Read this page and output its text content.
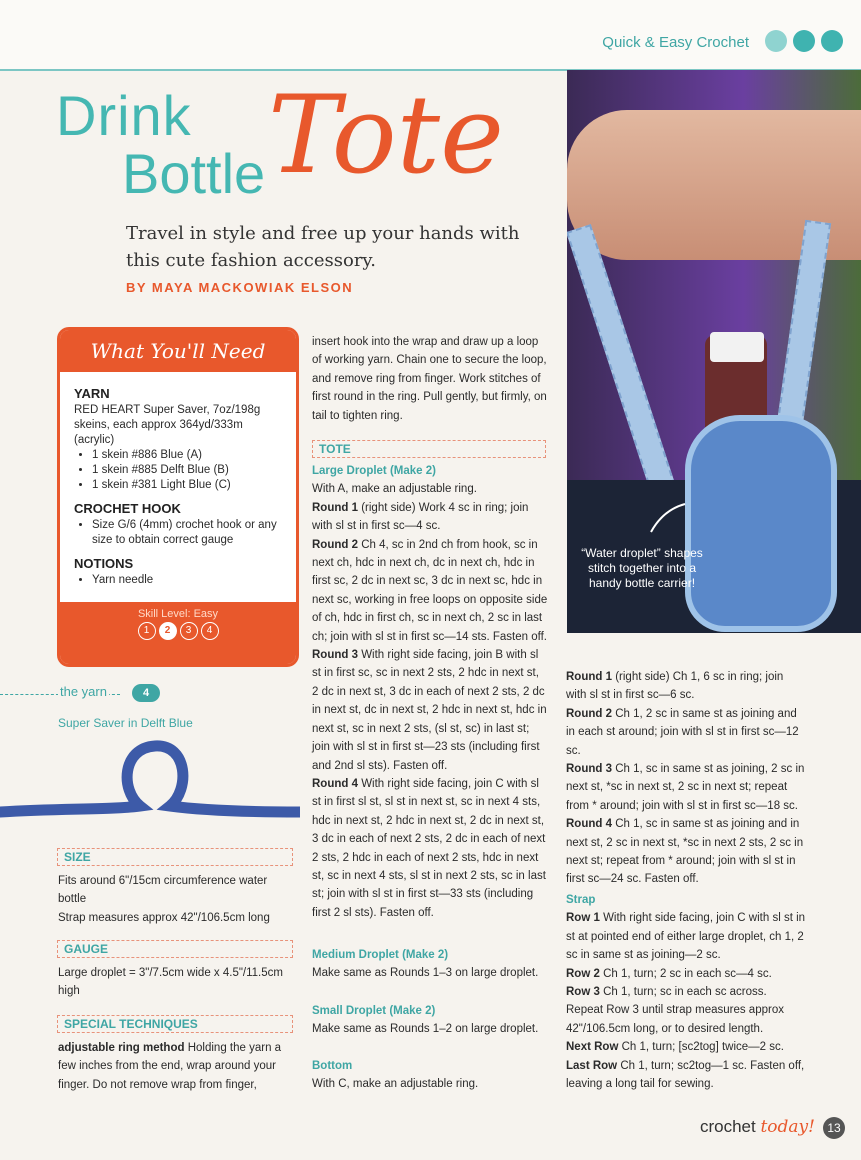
Quick & Easy Crochet
Drink
Bottle Tote
Travel in style and free up your hands with this cute fashion accessory.
BY MAYA MACKOWIAK ELSON
“Water droplet” shapes stitch together into a handy bottle carrier!
What You'll Need
YARN

RED HEART Super Saver, 7oz/198g skeins, each approx 364yd/333m (acrylic)

• 1 skein #886 Blue (A)
• 1 skein #885 Delft Blue (B)
• 1 skein #381 Light Blue (C)
CROCHET HOOK
• Size G/6 (4mm) crochet hook or any size to obtain correct gauge
NOTIONS
• Yarn needle
Skill Level: Easy
1	2	3	4
the yarn	4
Super Saver in Delft Blue
SIZE

Fits around 6"/15cm circumference water bottle

Strap measures approx 42"/106.5cm long

GAUGE

Large droplet = 3"/7.5cm wide x 4.5"/11.5cm high

SPECIAL TECHNIQUES

adjustable ring method Holding the yarn a few inches from the end, wrap around your finger. Do not remove wrap from finger,

insert hook into the wrap and draw up a loop of working yarn. Chain one to secure the loop, and remove ring from finger. Work stitches of first round in the ring. Pull gently, but firmly, on tail to tighten ring.

TOTE

Large Droplet (Make 2)

With A, make an adjustable ring.

Round 1 (right side) Work 4 sc in ring; join with sl st in first sc—4 sc.

Round 2 Ch 4, sc in 2nd ch from hook, sc in next ch, hdc in next ch, dc in next ch, hdc in first sc, 2 dc in next sc, 3 dc in next sc, hdc in next sc, working in free loops on opposite side of ch, hdc in first ch, sc in next ch, 2 sc in last ch; join with sl st in first sc—14 sts. Fasten off.

Round 3 With right side facing, join B with sl st in first sc, sc in next 2 sts, 2 hdc in next st, 2 dc in next st, 3 dc in each of next 2 sts, 2 dc in next st, dc in next st, 2 hdc in next st, hdc in next st, sc in next 2 sts, (sl st, sc) in last st; join with sl st in first st—23 sts (including first and 2nd sl sts). Fasten off.

Round 4 With right side facing, join C with sl st in first sl st, sl st in next st, sc in next 4 sts, hdc in next st, 2 hdc in next st, 2 dc in next st, 3 dc in each of next 2 sts, 2 dc in each of next 2 sts, 2 hdc in each of next 2 sts, hdc in next st, sc in next 4 sts, sl st in next 2 sts, sc in last st; join with sl st in first st—33 sts (including first 2 sl sts). Fasten off.

Medium Droplet (Make 2)

Make same as Rounds 1–3 on large droplet.

Small Droplet (Make 2)

Make same as Rounds 1–2 on large droplet.

Bottom

With C, make an adjustable ring.

Round 1 (right side) Ch 1, 6 sc in ring; join with sl st in first sc—6 sc.

Round 2 Ch 1, 2 sc in same st as joining and in each st around; join with sl st in first sc—12 sc.

Round 3 Ch 1, sc in same st as joining, 2 sc in next st, *sc in next st, 2 sc in next st; repeat from * around; join with sl st in first sc—18 sc.

Round 4 Ch 1, sc in same st as joining and in next st, 2 sc in next st, *sc in next 2 sts, 2 sc in next st; repeat from * around; join with sl st in first sc—24 sc. Fasten off.

Strap

Row 1 With right side facing, join C with sl st in st at pointed end of either large droplet, ch 1, 2 sc in same st as joining—2 sc.

Row 2 Ch 1, turn; 2 sc in each sc—4 sc.

Row 3 Ch 1, turn; sc in each sc across.

Repeat Row 3 until strap measures approx 42"/106.5cm long, or to desired length.

Next Row Ch 1, turn; [sc2tog] twice—2 sc.

Last Row Ch 1, turn; sc2tog—1 sc. Fasten off, leaving a long tail for sewing.

crochet today!	13
